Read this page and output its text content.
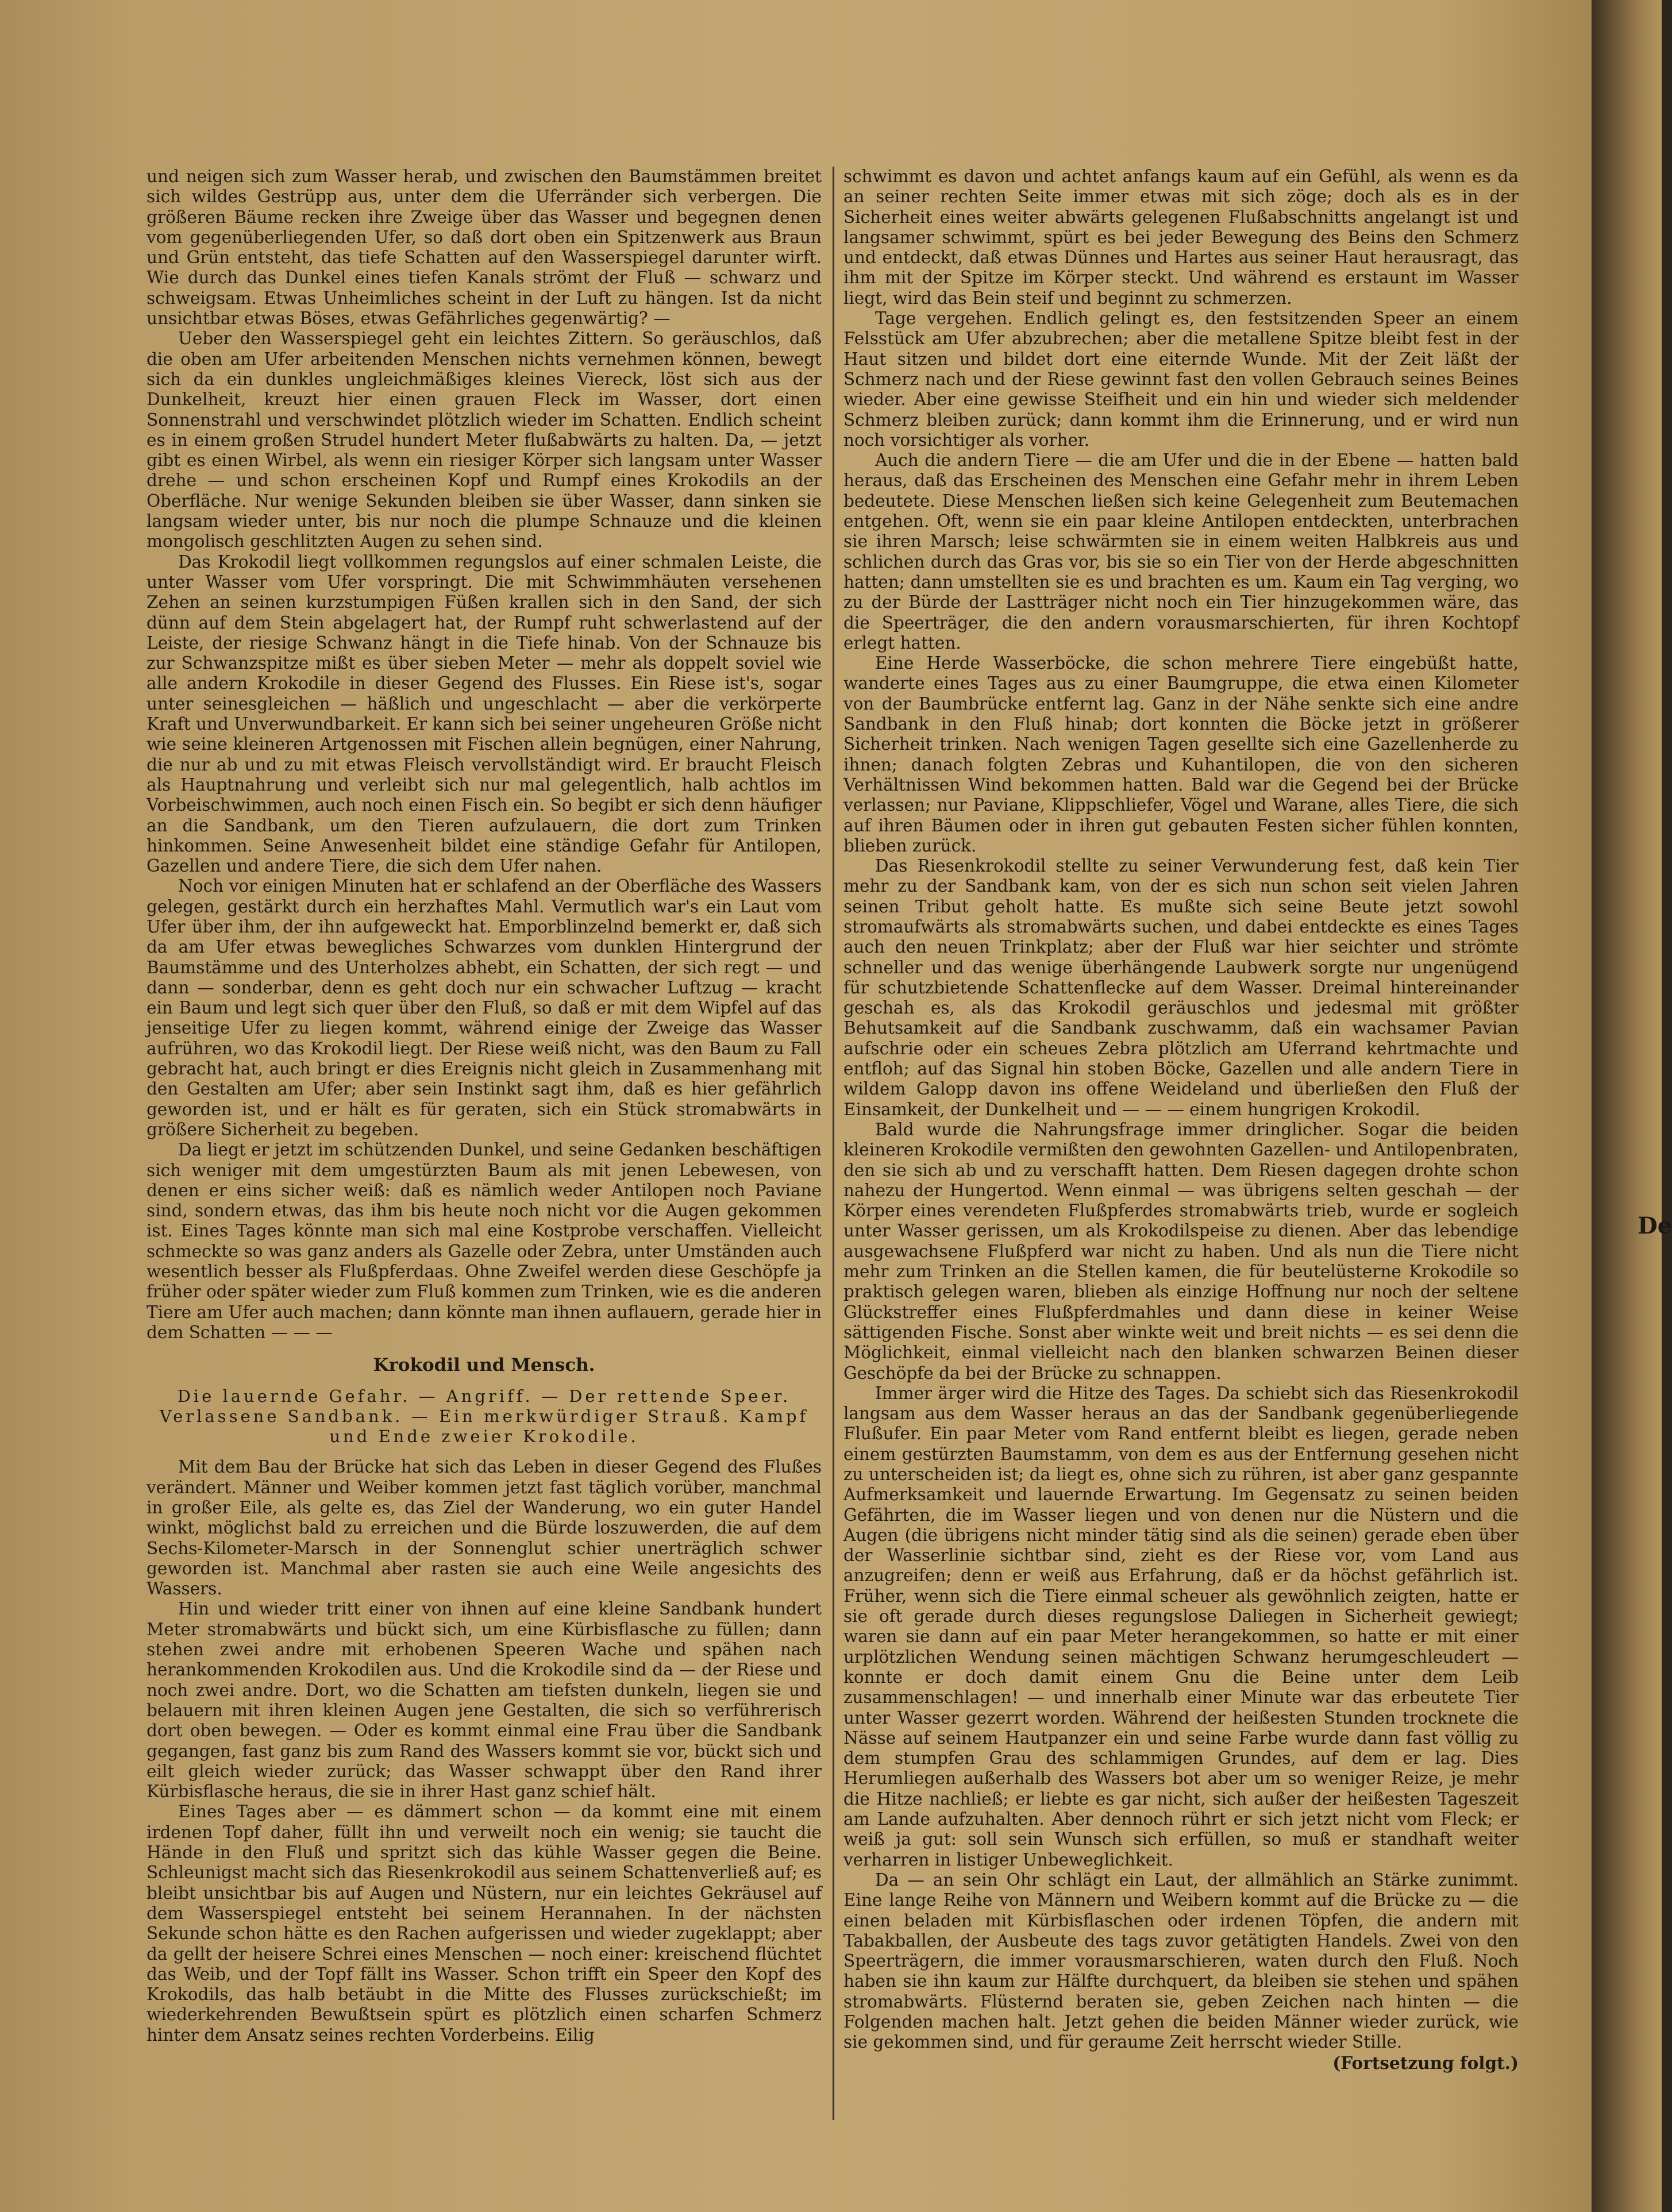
und neigen sich zum Wasser herab, und zwischen den Baumstämmen breitet sich wildes Gestrüpp aus, unter dem die Uferränder sich verbergen. Die größeren Bäume recken ihre Zweige über das Wasser und begegnen denen vom gegenüberliegenden Ufer, so daß dort oben ein Spitzenwerk aus Braun und Grün entsteht, das tiefe Schatten auf den Wasserspiegel darunter wirft. Wie durch das Dunkel eines tiefen Kanals strömt der Fluß — schwarz und schweigsam. Etwas Unheimliches scheint in der Luft zu hängen. Ist da nicht unsichtbar etwas Böses, etwas Gefährliches gegenwärtig? —

Ueber den Wasserspiegel geht ein leichtes Zittern. So geräuschlos, daß die oben am Ufer arbeitenden Menschen nichts vernehmen können, bewegt sich da ein dunkles ungleichmäßiges kleines Viereck, löst sich aus der Dunkelheit, kreuzt hier einen grauen Fleck im Wasser, dort einen Sonnenstrahl und verschwindet plötzlich wieder im Schatten. Endlich scheint es in einem großen Strudel hundert Meter flußabwärts zu halten. Da, — jetzt gibt es einen Wirbel, als wenn ein riesiger Körper sich langsam unter Wasser drehe — und schon erscheinen Kopf und Rumpf eines Krokodils an der Oberfläche. Nur wenige Sekunden bleiben sie über Wasser, dann sinken sie langsam wieder unter, bis nur noch die plumpe Schnauze und die kleinen mongolisch geschlitzten Augen zu sehen sind.

Das Krokodil liegt vollkommen regungslos auf einer schmalen Leiste, die unter Wasser vom Ufer vorspringt. Die mit Schwimmhäuten versehenen Zehen an seinen kurzstumpigen Füßen krallen sich in den Sand, der sich dünn auf dem Stein abgelagert hat, der Rumpf ruht schwerlastend auf der Leiste, der riesige Schwanz hängt in die Tiefe hinab. Von der Schnauze bis zur Schwanzspitze mißt es über sieben Meter — mehr als doppelt soviel wie alle andern Krokodile in dieser Gegend des Flusses. Ein Riese ist's, sogar unter seinesgleichen — häßlich und ungeschlacht — aber die verkörperte Kraft und Unverwundbarkeit. Er kann sich bei seiner ungeheuren Größe nicht wie seine kleineren Artgenossen mit Fischen allein begnügen, einer Nahrung, die nur ab und zu mit etwas Fleisch vervollständigt wird. Er braucht Fleisch als Hauptnahrung und verleibt sich nur mal gelegentlich, halb achtlos im Vorbeischwimmen, auch noch einen Fisch ein. So begibt er sich denn häufiger an die Sandbank, um den Tieren aufzulauern, die dort zum Trinken hinkommen. Seine Anwesenheit bildet eine ständige Gefahr für Antilopen, Gazellen und andere Tiere, die sich dem Ufer nahen.

Noch vor einigen Minuten hat er schlafend an der Oberfläche des Wassers gelegen, gestärkt durch ein herzhaftes Mahl. Vermutlich war's ein Laut vom Ufer über ihm, der ihn aufgeweckt hat. Emporblinzelnd bemerkt er, daß sich da am Ufer etwas bewegliches Schwarzes vom dunklen Hintergrund der Baumstämme und des Unterholzes abhebt, ein Schatten, der sich regt — und dann — sonderbar, denn es geht doch nur ein schwacher Luftzug — kracht ein Baum und legt sich quer über den Fluß, so daß er mit dem Wipfel auf das jenseitige Ufer zu liegen kommt, während einige der Zweige das Wasser aufrühren, wo das Krokodil liegt. Der Riese weiß nicht, was den Baum zu Fall gebracht hat, auch bringt er dies Ereignis nicht gleich in Zusammenhang mit den Gestalten am Ufer; aber sein Instinkt sagt ihm, daß es hier gefährlich geworden ist, und er hält es für geraten, sich ein Stück stromabwärts in größere Sicherheit zu begeben.

Da liegt er jetzt im schützenden Dunkel, und seine Gedanken beschäftigen sich weniger mit dem umgestürzten Baum als mit jenen Lebewesen, von denen er eins sicher weiß: daß es nämlich weder Antilopen noch Paviane sind, sondern etwas, das ihm bis heute noch nicht vor die Augen gekommen ist. Eines Tages könnte man sich mal eine Kostprobe verschaffen. Vielleicht schmeckte so was ganz anders als Gazelle oder Zebra, unter Umständen auch wesentlich besser als Flußpferdaas. Ohne Zweifel werden diese Geschöpfe ja früher oder später wieder zum Fluß kommen zum Trinken, wie es die anderen Tiere am Ufer auch machen; dann könnte man ihnen auflauern, gerade hier in dem Schatten — — —

Krokodil und Mensch.
Die lauernde Gefahr. — Angriff. — Der rettende Speer. Verlassene Sandbank. — Ein merkwürdiger Strauß. Kampf und Ende zweier Krokodile.

Mit dem Bau der Brücke hat sich das Leben in dieser Gegend des Flußes verändert. Männer und Weiber kommen jetzt fast täglich vorüber, manchmal in großer Eile, als gelte es, das Ziel der Wanderung, wo ein guter Handel winkt, möglichst bald zu erreichen und die Bürde loszuwerden, die auf dem Sechs-Kilometer-Marsch in der Sonnenglut schier unerträglich schwer geworden ist. Manchmal aber rasten sie auch eine Weile angesichts des Wassers.

Hin und wieder tritt einer von ihnen auf eine kleine Sandbank hundert Meter stromabwärts und bückt sich, um eine Kürbisflasche zu füllen; dann stehen zwei andre mit erhobenen Speeren Wache und spähen nach herankommenden Krokodilen aus. Und die Krokodile sind da — der Riese und noch zwei andre. Dort, wo die Schatten am tiefsten dunkeln, liegen sie und belauern mit ihren kleinen Augen jene Gestalten, die sich so verführerisch dort oben bewegen. — Oder es kommt einmal eine Frau über die Sandbank gegangen, fast ganz bis zum Rand des Wassers kommt sie vor, bückt sich und eilt gleich wieder zurück; das Wasser schwappt über den Rand ihrer Kürbisflasche heraus, die sie in ihrer Hast ganz schief hält.

Eines Tages aber — es dämmert schon — da kommt eine mit einem irdenen Topf daher, füllt ihn und verweilt noch ein wenig; sie taucht die Hände in den Fluß und spritzt sich das kühle Wasser gegen die Beine. Schleunigst macht sich das Riesenkrokodil aus seinem Schattenverließ auf; es bleibt unsichtbar bis auf Augen und Nüstern, nur ein leichtes Gekräusel auf dem Wasserspiegel entsteht bei seinem Herannahen. In der nächsten Sekunde schon hätte es den Rachen aufgerissen und wieder zugeklappt; aber da gellt der heisere Schrei eines Menschen — noch einer: kreischend flüchtet das Weib, und der Topf fällt ins Wasser. Schon trifft ein Speer den Kopf des Krokodils, das halb betäubt in die Mitte des Flusses zurückschießt; im wiederkehrenden Bewußtsein spürt es plötzlich einen scharfen Schmerz hinter dem Ansatz seines rechten Vorderbeins. Eilig

schwimmt es davon und achtet anfangs kaum auf ein Gefühl, als wenn es da an seiner rechten Seite immer etwas mit sich zöge; doch als es in der Sicherheit eines weiter abwärts gelegenen Flußabschnitts angelangt ist und langsamer schwimmt, spürt es bei jeder Bewegung des Beins den Schmerz und entdeckt, daß etwas Dünnes und Hartes aus seiner Haut herausragt, das ihm mit der Spitze im Körper steckt. Und während es erstaunt im Wasser liegt, wird das Bein steif und beginnt zu schmerzen.

Tage vergehen. Endlich gelingt es, den festsitzenden Speer an einem Felsstück am Ufer abzubrechen; aber die metallene Spitze bleibt fest in der Haut sitzen und bildet dort eine eiternde Wunde. Mit der Zeit läßt der Schmerz nach und der Riese gewinnt fast den vollen Gebrauch seines Beines wieder. Aber eine gewisse Steifheit und ein hin und wieder sich meldender Schmerz bleiben zurück; dann kommt ihm die Erinnerung, und er wird nun noch vorsichtiger als vorher.

Auch die andern Tiere — die am Ufer und die in der Ebene — hatten bald heraus, daß das Erscheinen des Menschen eine Gefahr mehr in ihrem Leben bedeutete. Diese Menschen ließen sich keine Gelegenheit zum Beutemachen entgehen. Oft, wenn sie ein paar kleine Antilopen entdeckten, unterbrachen sie ihren Marsch; leise schwärmten sie in einem weiten Halbkreis aus und schlichen durch das Gras vor, bis sie so ein Tier von der Herde abgeschnitten hatten; dann umstellten sie es und brachten es um. Kaum ein Tag verging, wo zu der Bürde der Lastträger nicht noch ein Tier hinzugekommen wäre, das die Speerträger, die den andern vorausmarschierten, für ihren Kochtopf erlegt hatten.

Eine Herde Wasserböcke, die schon mehrere Tiere eingebüßt hatte, wanderte eines Tages aus zu einer Baumgruppe, die etwa einen Kilometer von der Baumbrücke entfernt lag. Ganz in der Nähe senkte sich eine andre Sandbank in den Fluß hinab; dort konnten die Böcke jetzt in größerer Sicherheit trinken. Nach wenigen Tagen gesellte sich eine Gazellenherde zu ihnen; danach folgten Zebras und Kuhantilopen, die von den sicheren Verhältnissen Wind bekommen hatten. Bald war die Gegend bei der Brücke verlassen; nur Paviane, Klippschliefer, Vögel und Warane, alles Tiere, die sich auf ihren Bäumen oder in ihren gut gebauten Festen sicher fühlen konnten, blieben zurück.

Das Riesenkrokodil stellte zu seiner Verwunderung fest, daß kein Tier mehr zu der Sandbank kam, von der es sich nun schon seit vielen Jahren seinen Tribut geholt hatte. Es mußte sich seine Beute jetzt sowohl stromaufwärts als stromabwärts suchen, und dabei entdeckte es eines Tages auch den neuen Trinkplatz; aber der Fluß war hier seichter und strömte schneller und das wenige überhängende Laubwerk sorgte nur ungenügend für schutzbietende Schattenflecke auf dem Wasser. Dreimal hintereinander geschah es, als das Krokodil geräuschlos und jedesmal mit größter Behutsamkeit auf die Sandbank zuschwamm, daß ein wachsamer Pavian aufschrie oder ein scheues Zebra plötzlich am Uferrand kehrtmachte und entfloh; auf das Signal hin stoben Böcke, Gazellen und alle andern Tiere in wildem Galopp davon ins offene Weideland und überließen den Fluß der Einsamkeit, der Dunkelheit und — — — einem hungrigen Krokodil.

Bald wurde die Nahrungsfrage immer dringlicher. Sogar die beiden kleineren Krokodile vermißten den gewohnten Gazellen- und Antilopenbraten, den sie sich ab und zu verschafft hatten. Dem Riesen dagegen drohte schon nahezu der Hungertod. Wenn einmal — was übrigens selten geschah — der Körper eines verendeten Flußpferdes stromabwärts trieb, wurde er sogleich unter Wasser gerissen, um als Krokodilspeise zu dienen. Aber das lebendige ausgewachsene Flußpferd war nicht zu haben. Und als nun die Tiere nicht mehr zum Trinken an die Stellen kamen, die für beutelüsterne Krokodile so praktisch gelegen waren, blieben als einzige Hoffnung nur noch der seltene Glückstreffer eines Flußpferdmahles und dann diese in keiner Weise sättigenden Fische. Sonst aber winkte weit und breit nichts — es sei denn die Möglichkeit, einmal vielleicht nach den blanken schwarzen Beinen dieser Geschöpfe da bei der Brücke zu schnappen.

Immer ärger wird die Hitze des Tages. Da schiebt sich das Riesenkrokodil langsam aus dem Wasser heraus an das der Sandbank gegenüberliegende Flußufer. Ein paar Meter vom Rand entfernt bleibt es liegen, gerade neben einem gestürzten Baumstamm, von dem es aus der Entfernung gesehen nicht zu unterscheiden ist; da liegt es, ohne sich zu rühren, ist aber ganz gespannte Aufmerksamkeit und lauernde Erwartung. Im Gegensatz zu seinen beiden Gefährten, die im Wasser liegen und von denen nur die Nüstern und die Augen (die übrigens nicht minder tätig sind als die seinen) gerade eben über der Wasserlinie sichtbar sind, zieht es der Riese vor, vom Land aus anzugreifen; denn er weiß aus Erfahrung, daß er da höchst gefährlich ist. Früher, wenn sich die Tiere einmal scheuer als gewöhnlich zeigten, hatte er sie oft gerade durch dieses regungslose Daliegen in Sicherheit gewiegt; waren sie dann auf ein paar Meter herangekommen, so hatte er mit einer urplötzlichen Wendung seinen mächtigen Schwanz herumgeschleudert — konnte er doch damit einem Gnu die Beine unter dem Leib zusammenschlagen! — und innerhalb einer Minute war das erbeutete Tier unter Wasser gezerrt worden. Während der heißesten Stunden trocknete die Nässe auf seinem Hautpanzer ein und seine Farbe wurde dann fast völlig zu dem stumpfen Grau des schlammigen Grundes, auf dem er lag. Dies Herumliegen außerhalb des Wassers bot aber um so weniger Reize, je mehr die Hitze nachließ; er liebte es gar nicht, sich außer der heißesten Tageszeit am Lande aufzuhalten. Aber dennoch rührt er sich jetzt nicht vom Fleck; er weiß ja gut: soll sein Wunsch sich erfüllen, so muß er standhaft weiter verharren in listiger Unbeweglichkeit.

Da — an sein Ohr schlägt ein Laut, der allmählich an Stärke zunimmt. Eine lange Reihe von Männern und Weibern kommt auf die Brücke zu — die einen beladen mit Kürbisflaschen oder irdenen Töpfen, die andern mit Tabakballen, der Ausbeute des tags zuvor getätigten Handels. Zwei von den Speerträgern, die immer vorausmarschieren, waten durch den Fluß. Noch haben sie ihn kaum zur Hälfte durchquert, da bleiben sie stehen und spähen stromabwärts. Flüsternd beraten sie, geben Zeichen nach hinten — die Folgenden machen halt. Jetzt gehen die beiden Männer wieder zurück, wie sie gekommen sind, und für geraume Zeit herrscht wieder Stille.

(Fortsetzung folgt.)
De
